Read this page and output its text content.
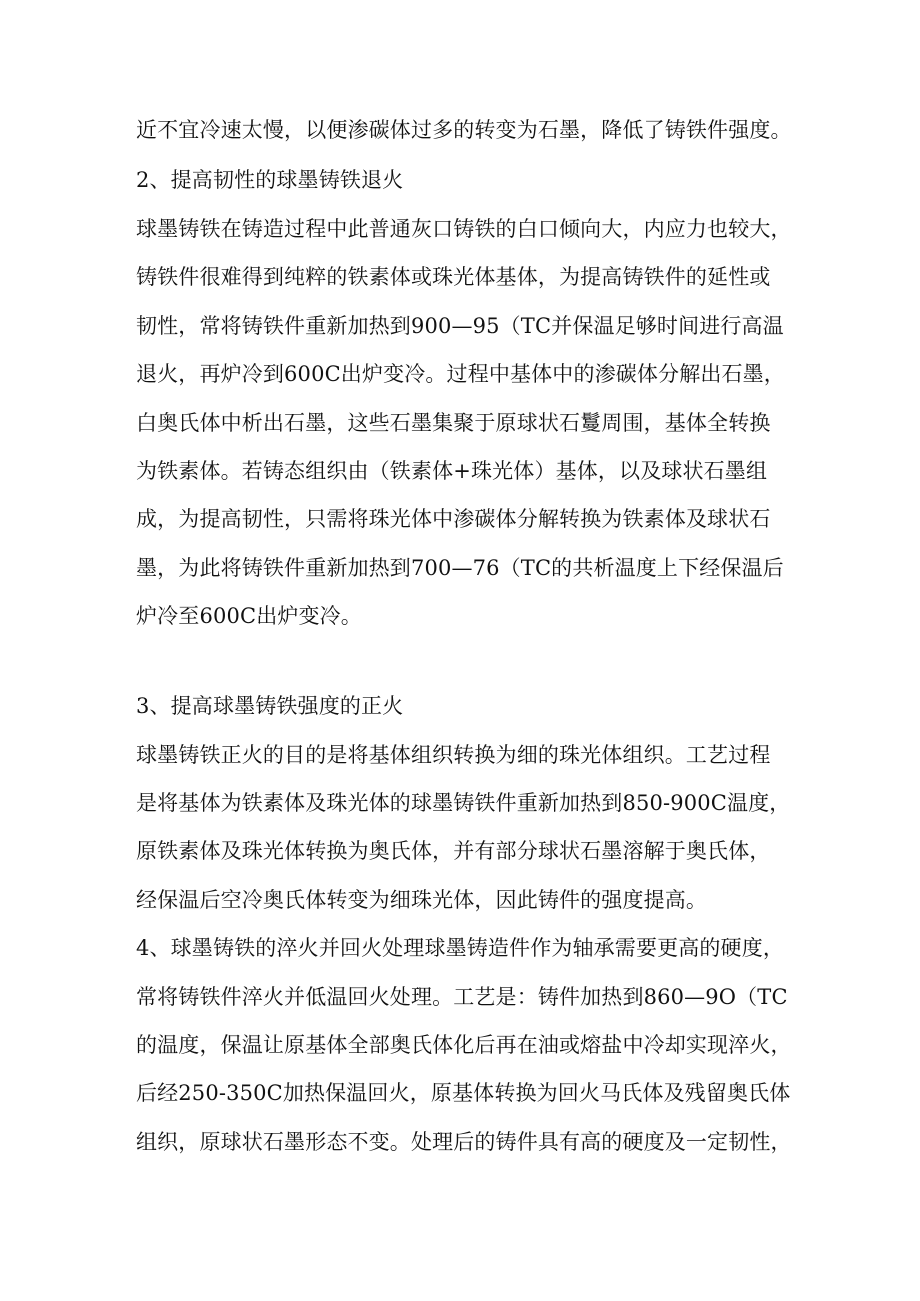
近不宜冷速太慢，以便渗碳体过多的转变为石墨，降低了铸铁件强度。
2、提高韧性的球墨铸铁退火
球墨铸铁在铸造过程中此普通灰口铸铁的白口倾向大，内应力也较大，
铸铁件很难得到纯粹的铁素体或珠光体基体，为提高铸铁件的延性或
韧性，常将铸铁件重新加热到900—95（TC并保温足够时间进行高温
退火，再炉冷到600C出炉变冷。过程中基体中的渗碳体分解出石墨，
白奥氏体中析出石墨，这些石墨集聚于原球状石鬘周围，基体全转换
为铁素体。若铸态组织由（铁素体+珠光体）基体，以及球状石墨组
成，为提高韧性，只需将珠光体中渗碳体分解转换为铁素体及球状石
墨，为此将铸铁件重新加热到700—76（TC的共析温度上下经保温后
炉冷至600C出炉变冷。
3、提高球墨铸铁强度的正火
球墨铸铁正火的目的是将基体组织转换为细的珠光体组织。工艺过程
是将基体为铁素体及珠光体的球墨铸铁件重新加热到850-900C温度，
原铁素体及珠光体转换为奥氏体，并有部分球状石墨溶解于奥氏体，
经保温后空冷奥氏体转变为细珠光体，因此铸件的强度提高。
4、球墨铸铁的淬火并回火处理球墨铸造件作为轴承需要更高的硬度，
常将铸铁件淬火并低温回火处理。工艺是：铸件加热到860—9O（TC
的温度，保温让原基体全部奥氏体化后再在油或熔盐中冷却实现淬火，
后经250-350C加热保温回火，原基体转换为回火马氏体及残留奥氏体
组织，原球状石墨形态不变。处理后的铸件具有高的硬度及一定韧性，
